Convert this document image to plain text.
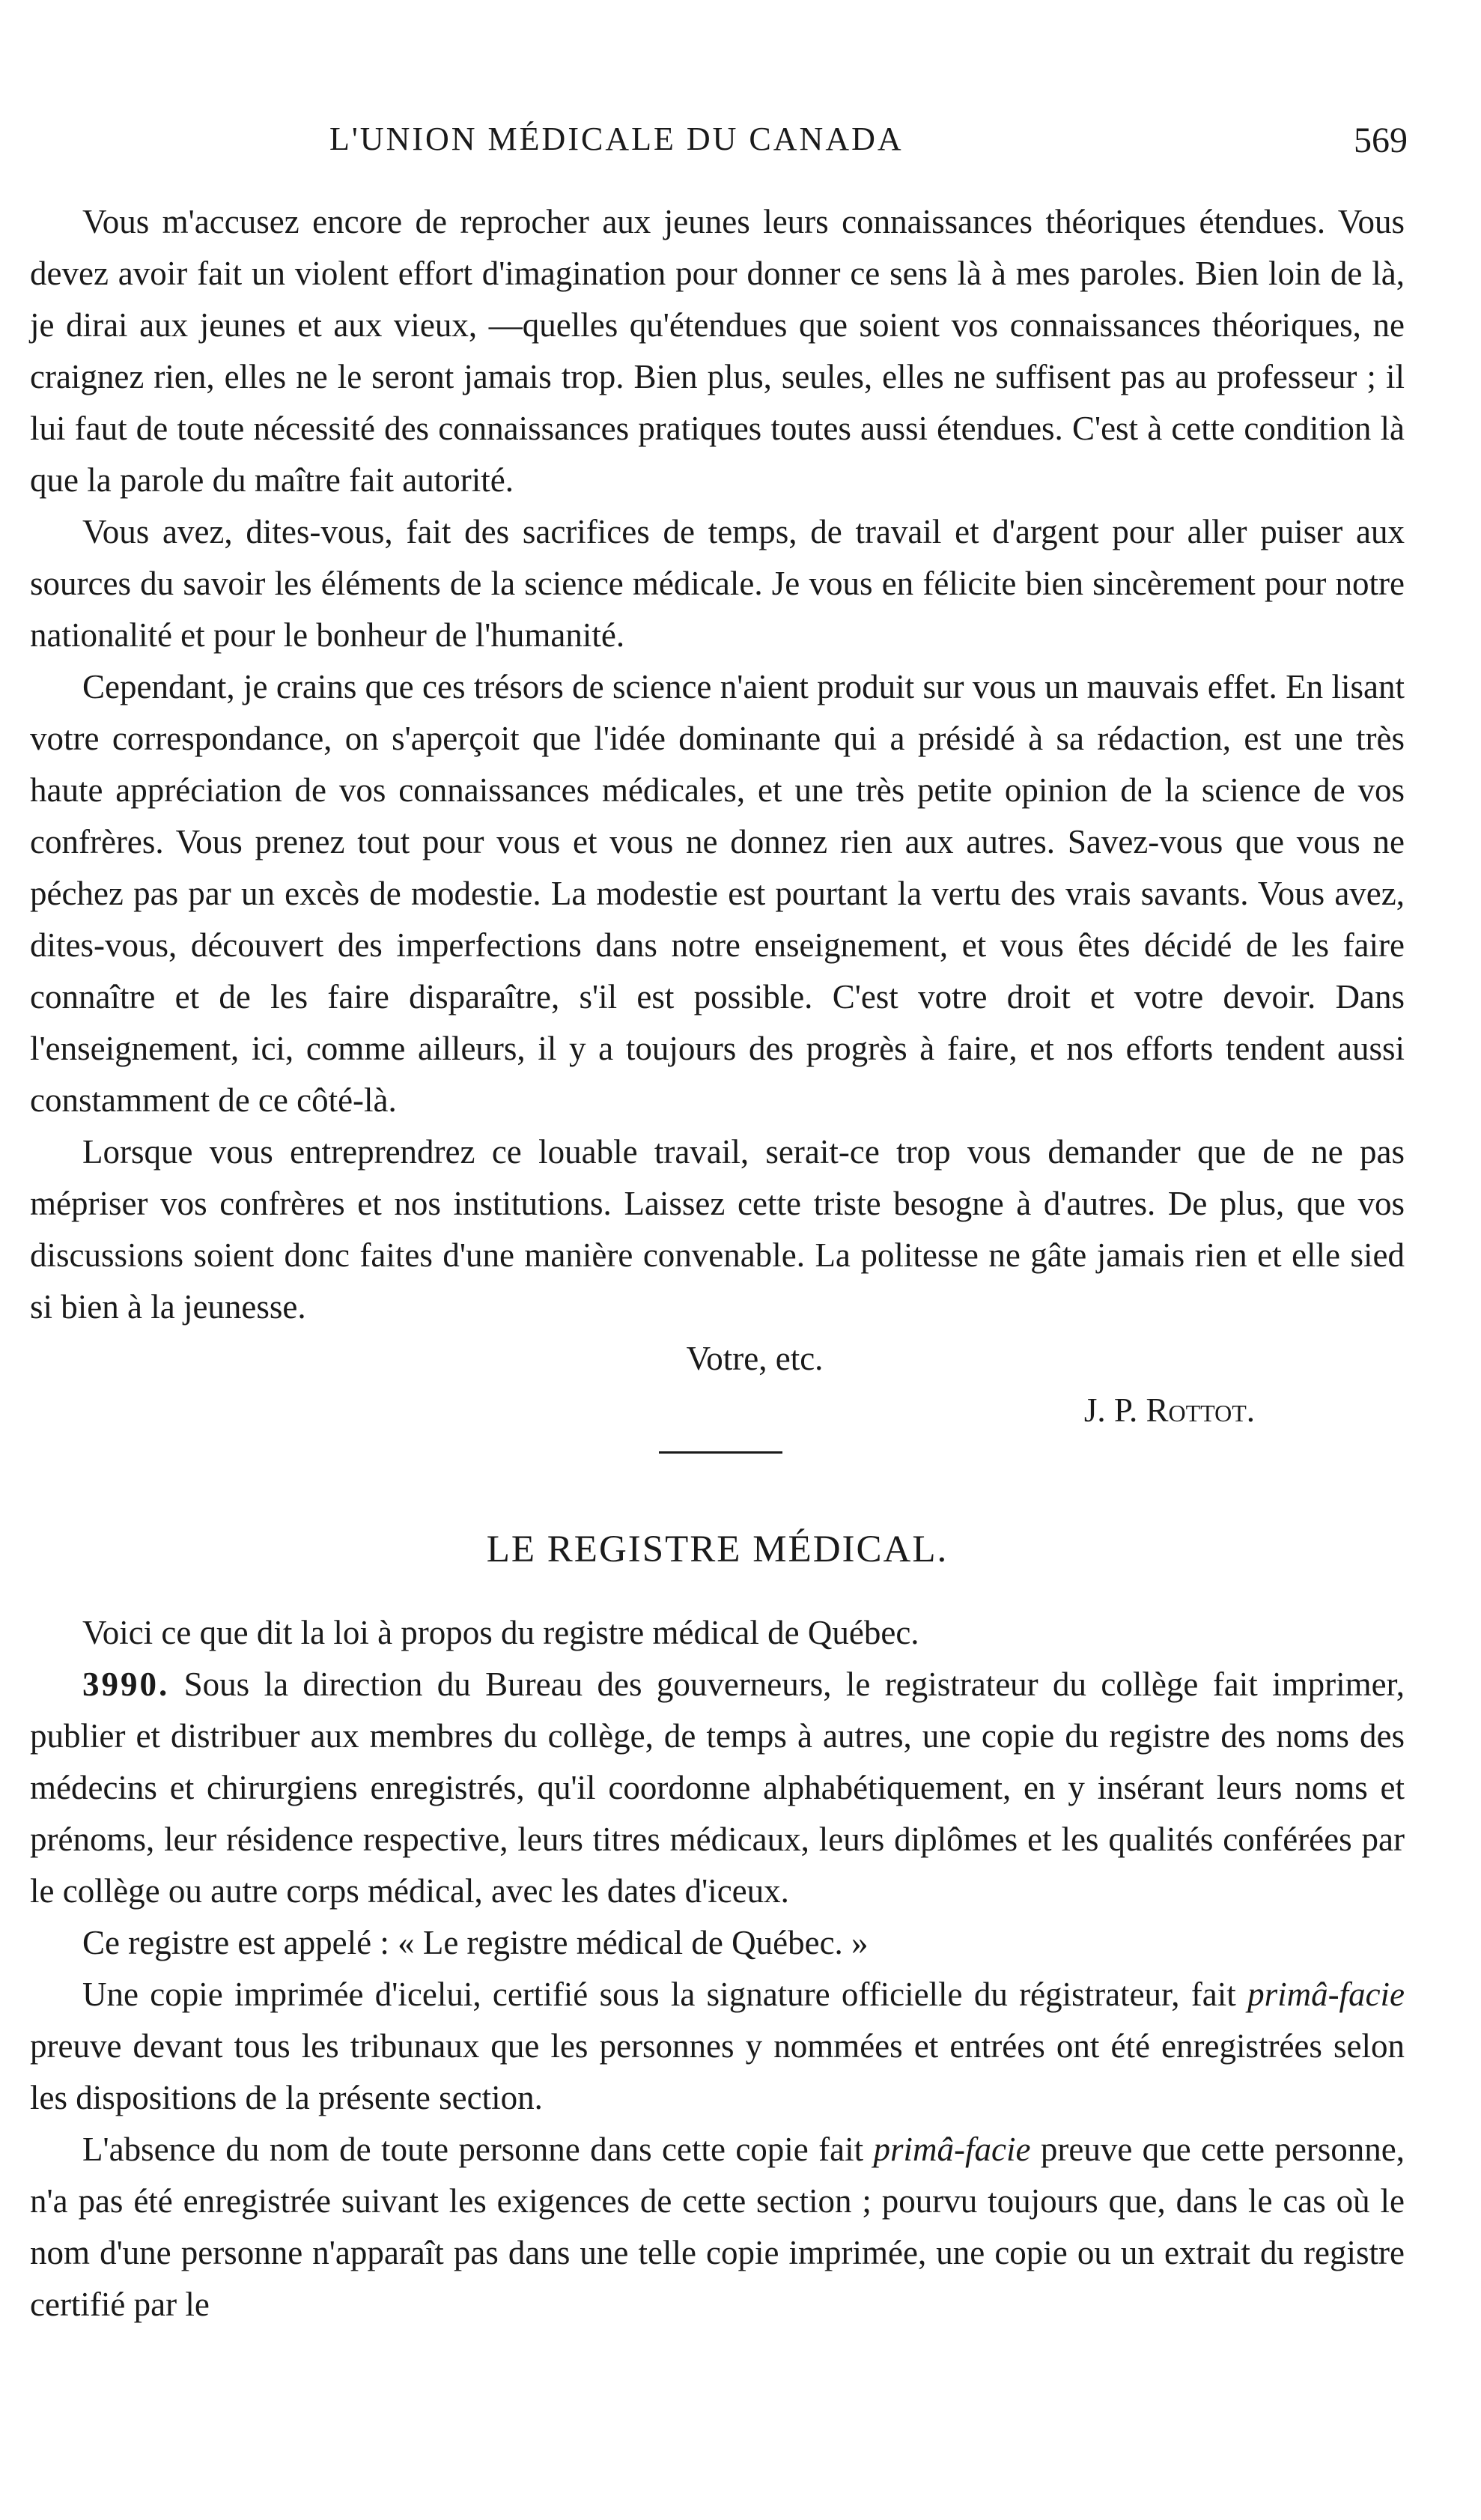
L'UNION MÉDICALE DU CANADA	569

Vous m'accusez encore de reprocher aux jeunes leurs connaissances théoriques étendues. Vous devez avoir fait un violent effort d'imagination pour donner ce sens là à mes paroles. Bien loin de là, je dirai aux jeunes et aux vieux, —quelles qu'étendues que soient vos connaissances théoriques, ne craignez rien, elles ne le seront jamais trop. Bien plus, seules, elles ne suffisent pas au professeur ; il lui faut de toute nécessité des connaissances pratiques toutes aussi étendues. C'est à cette condition là que la parole du maître fait autorité.

Vous avez, dites-vous, fait des sacrifices de temps, de travail et d'argent pour aller puiser aux sources du savoir les éléments de la science médicale. Je vous en félicite bien sincèrement pour notre nationalité et pour le bonheur de l'humanité.

Cependant, je crains que ces trésors de science n'aient produit sur vous un mauvais effet. En lisant votre correspondance, on s'aperçoit que l'idée dominante qui a présidé à sa rédaction, est une très haute appréciation de vos connaissances médicales, et une très petite opinion de la science de vos confrères. Vous prenez tout pour vous et vous ne donnez rien aux autres. Savez-vous que vous ne péchez pas par un excès de modestie. La modestie est pourtant la vertu des vrais savants. Vous avez, dites-vous, découvert des imperfections dans notre enseignement, et vous êtes décidé de les faire connaître et de les faire disparaître, s'il est possible. C'est votre droit et votre devoir. Dans l'enseignement, ici, comme ailleurs, il y a toujours des progrès à faire, et nos efforts tendent aussi constamment de ce côté-là.

Lorsque vous entreprendrez ce louable travail, serait-ce trop vous demander que de ne pas mépriser vos confrères et nos institutions. Laissez cette triste besogne à d'autres. De plus, que vos discussions soient donc faites d'une manière convenable. La politesse ne gâte jamais rien et elle sied si bien à la jeunesse.

Votre, etc.
J. P. Rottot.
LE REGISTRE MÉDICAL.

Voici ce que dit la loi à propos du registre médical de Québec.

3990. Sous la direction du Bureau des gouverneurs, le registrateur du collège fait imprimer, publier et distribuer aux membres du collège, de temps à autres, une copie du registre des noms des médecins et chirurgiens enregistrés, qu'il coordonne alphabétiquement, en y insérant leurs noms et prénoms, leur résidence respective, leurs titres médicaux, leurs diplômes et les qualités conférées par le collège ou autre corps médical, avec les dates d'iceux.

Ce registre est appelé : « Le registre médical de Québec. »

Une copie imprimée d'icelui, certifié sous la signature officielle du régistrateur, fait primâ-facie preuve devant tous les tribunaux que les personnes y nommées et entrées ont été enregistrées selon les dispositions de la présente section.

L'absence du nom de toute personne dans cette copie fait primâ-facie preuve que cette personne, n'a pas été enregistrée suivant les exigences de cette section ; pourvu toujours que, dans le cas où le nom d'une personne n'apparaît pas dans une telle copie imprimée, une copie ou un extrait du registre certifié par le
